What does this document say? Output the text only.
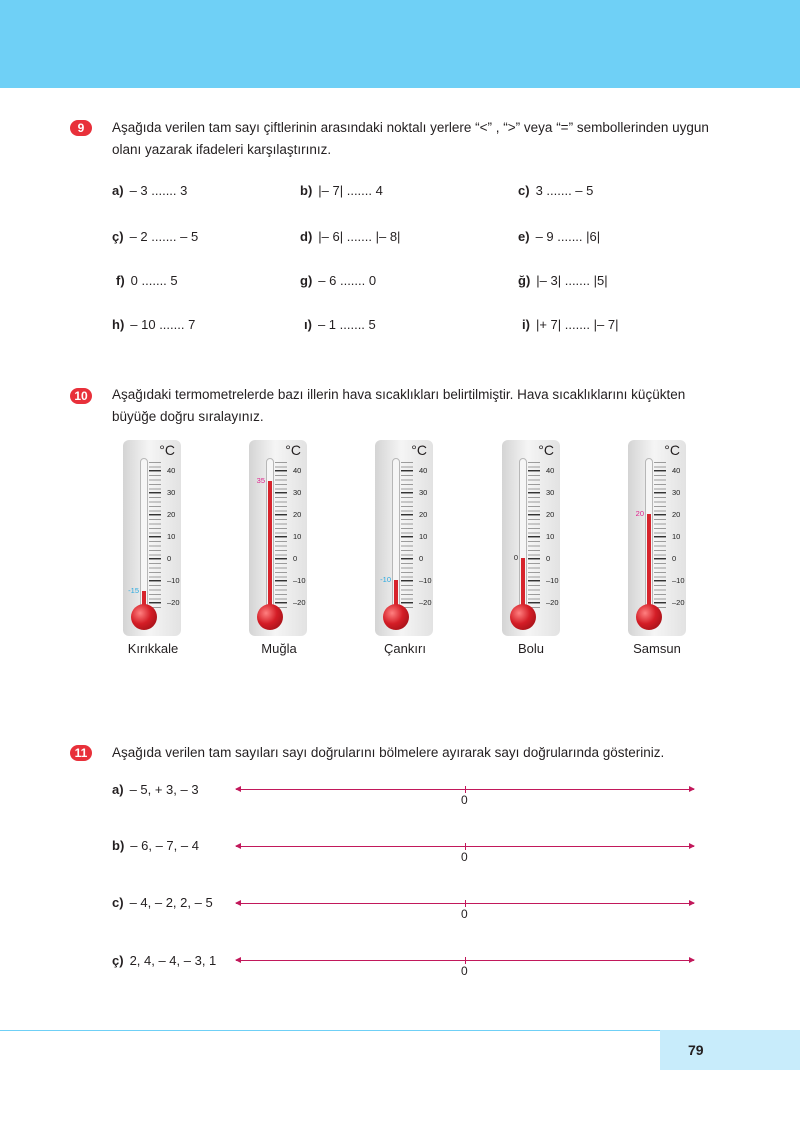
9	Aşağıda verilen tam sayı çiftlerinin arasındaki noktalı yerlere “<” , “>” veya “=” sembollerinden uygun olanı yazarak ifadeleri karşılaştırınız.
a) – 3 ....... 3	b) |– 7| ....... 4	c) 3 ....... – 5
ç) – 2 ....... – 5	d) |– 6| ....... |– 8|	e) – 9 ....... |6|
f) 0 ....... 5	g) – 6 ....... 0	ğ) |– 3| ....... |5|
h) – 10 ....... 7	ı) – 1 ....... 5	i) |+ 7| ....... |– 7|
10	Aşağıdaki termometrelerde bazı illerin hava sıcaklıkları belirtilmiştir. Hava sıcaklıklarını küçükten büyüğe doğru sıralayınız.
°C
40
30
20
10
0
–10
–20
-15
Kırıkkale
°C
40
30
20
10
0
–10
–20
35
Muğla
°C
40
30
20
10
0
–10
–20
-10
Çankırı
°C
40
30
20
10
0
–10
–20
0
Bolu
°C
40
30
20
10
0
–10
–20
20
Samsun
11	Aşağıda verilen tam sayıları sayı doğrularını bölmelere ayırarak sayı doğrularında gösteriniz.
a) – 5, + 3, – 3
0
b) – 6, – 7, – 4
0
c) – 4, – 2, 2, – 5
0
ç) 2, 4, – 4, – 3, 1
0
79
